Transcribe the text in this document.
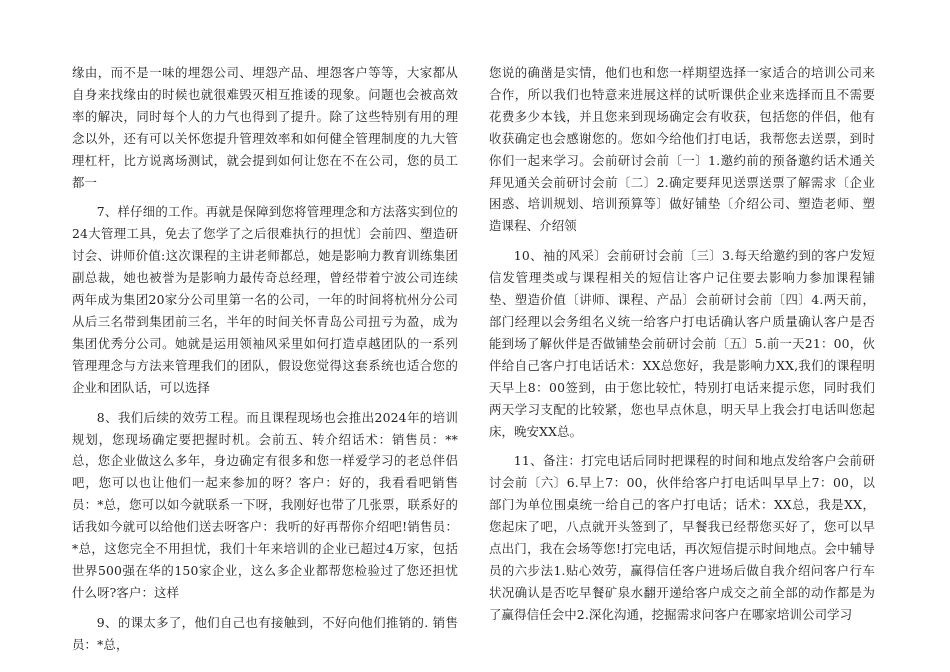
缘由，而不是一味的埋怨公司、埋怨产品、埋怨客户等等，大家都从自身来找缘由的时候也就很难毁灭相互推诿的现象。问题也会被高效率的解决，同时每个人的力气也得到了提升。除了这些特别有用的理念以外，还有可以关怀您提升管理效率和如何健全管理制度的九大管理杠杆，比方说离场测试，就会提到如何让您在不在公司，您的员工都一

7、样仔细的工作。再就是保障到您将管理理念和方法落实到位的24大管理工具，免去了您学了之后很难执行的担忧〕会前四、塑造研讨会、讲师价值:这次课程的主讲老师都总，她是影响力教育训练集团副总裁，她也被誉为是影响力最传奇总经理，曾经带着宁波公司连续两年成为集团20家分公司里第一名的公司，一年的时间将杭州分公司从后三名带到集团前三名，半年的时间关怀青岛公司扭亏为盈，成为集团优秀分公司。她就是运用领袖风采里如何打造卓越团队的一系列管理理念与方法来管理我们的团队，假设您觉得这套系统也适合您的企业和团队话，可以选择

8、我们后续的效劳工程。而且课程现场也会推出2024年的培训规划，您现场确定要把握时机。会前五、转介绍话术：销售员：**总，您企业做这么多年，身边确定有很多和您一样爱学习的老总伴侣吧，您可以也让他们一起来参加的呀？客户：好的，我看看吧销售员：*总，您可以如今就联系一下呀，我刚好也带了几张票，联系好的话我如今就可以给他们送去呀客户：我听的好再帮你介绍吧!销售员：*总，这您完全不用担忧，我们十年来培训的企业已超过4万家，包括世界500强在华的150家企业，这么多企业都帮您检验过了您还担忧什么呀?客户：这样

9、的课太多了，他们自己也有接触到，不好向他们推销的. 销售员：*总，

您说的确凿是实情，他们也和您一样期望选择一家适合的培训公司来合作，所以我们也特意来进展这样的试听课供企业来选择而且不需要花费多少本钱，并且您来到现场确定会有收获，包括您的伴侣，他有收获确定也会感谢您的。您如今给他们打电话，我帮您去送票，到时你们一起来学习。会前研讨会前〔一〕1.邀约前的预备邀约话术通关拜见通关会前研讨会前〔二〕2.确定要拜见送票送票了解需求〔企业困惑、培训规划、培训预算等〕做好铺垫〔介绍公司、塑造老师、塑造课程、介绍领

10、袖的风采〕会前研讨会前〔三〕3.每天给邀约到的客户发短信发管理类或与课程相关的短信让客户记住要去影响力参加课程铺垫、塑造价值〔讲师、课程、产品〕会前研讨会前〔四〕4.两天前，部门经理以会务组名义统一给客户打电话确认客户质量确认客户是否能到场了解伙伴是否做铺垫会前研讨会前〔五〕5.前一天21：00，伙伴给自己客户打电话话术：XX总您好，我是影响力XX,我们的课程明天早上8：00签到，由于您比较忙，特别打电话来提示您，同时我们两天学习支配的比较紧，您也早点休息，明天早上我会打电话叫您起床，晚安XX总。

11、备注：打完电话后同时把课程的时间和地点发给客户会前研讨会前〔六〕6.早上7：00，伙伴给客户打电话叫早早上7：00，以部门为单位围桌统一给自己的客户打电话；话术：XX总，我是XX，您起床了吧，八点就开头签到了，早餐我已经帮您买好了，您可以早点出门，我在会场等您!打完电话，再次短信提示时间地点。会中辅导员的六步法1.贴心效劳，赢得信任客户进场后做自我介绍问客户行车状况确认是否吃早餐矿泉水翻开递给客户成交之前全部的动作都是为了赢得信任会中2.深化沟通，挖掘需求问客户在哪家培训公司学习
